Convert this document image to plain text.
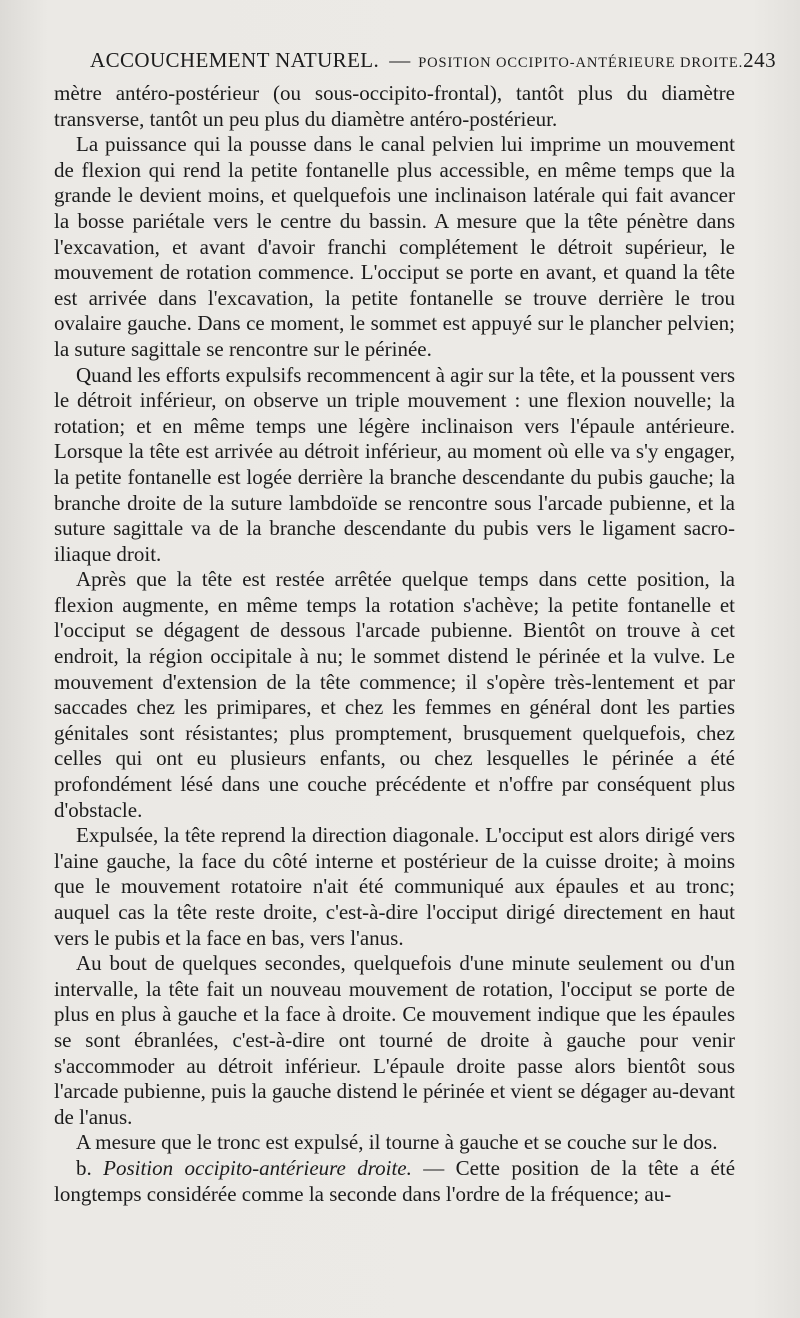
ACCOUCHEMENT NATUREL. — POSITION OCCIPITO-ANTÉRIEURE DROITE. 243

mètre antéro-postérieur (ou sous-occipito-frontal), tantôt plus du diamètre transverse, tantôt un peu plus du diamètre antéro-postérieur.

La puissance qui la pousse dans le canal pelvien lui imprime un mouvement de flexion qui rend la petite fontanelle plus accessible, en même temps que la grande le devient moins, et quelquefois une inclinaison latérale qui fait avancer la bosse pariétale vers le centre du bassin. A mesure que la tête pénètre dans l'excavation, et avant d'avoir franchi complétement le détroit supérieur, le mouvement de rotation commence. L'occiput se porte en avant, et quand la tête est arrivée dans l'excavation, la petite fontanelle se trouve derrière le trou ovalaire gauche. Dans ce moment, le sommet est appuyé sur le plancher pelvien; la suture sagittale se rencontre sur le périnée.

Quand les efforts expulsifs recommencent à agir sur la tête, et la poussent vers le détroit inférieur, on observe un triple mouvement : une flexion nouvelle; la rotation; et en même temps une légère inclinaison vers l'épaule antérieure. Lorsque la tête est arrivée au détroit inférieur, au moment où elle va s'y engager, la petite fontanelle est logée derrière la branche descendante du pubis gauche; la branche droite de la suture lambdoïde se rencontre sous l'arcade pubienne, et la suture sagittale va de la branche descendante du pubis vers le ligament sacro-iliaque droit.

Après que la tête est restée arrêtée quelque temps dans cette position, la flexion augmente, en même temps la rotation s'achève; la petite fontanelle et l'occiput se dégagent de dessous l'arcade pubienne. Bientôt on trouve à cet endroit, la région occipitale à nu; le sommet distend le périnée et la vulve. Le mouvement d'extension de la tête commence; il s'opère très-lentement et par saccades chez les primipares, et chez les femmes en général dont les parties génitales sont résistantes; plus promptement, brusquement quelquefois, chez celles qui ont eu plusieurs enfants, ou chez lesquelles le périnée a été profondément lésé dans une couche précédente et n'offre par conséquent plus d'obstacle.

Expulsée, la tête reprend la direction diagonale. L'occiput est alors dirigé vers l'aine gauche, la face du côté interne et postérieur de la cuisse droite; à moins que le mouvement rotatoire n'ait été communiqué aux épaules et au tronc; auquel cas la tête reste droite, c'est-à-dire l'occiput dirigé directement en haut vers le pubis et la face en bas, vers l'anus.

Au bout de quelques secondes, quelquefois d'une minute seulement ou d'un intervalle, la tête fait un nouveau mouvement de rotation, l'occiput se porte de plus en plus à gauche et la face à droite. Ce mouvement indique que les épaules se sont ébranlées, c'est-à-dire ont tourné de droite à gauche pour venir s'accommoder au détroit inférieur. L'épaule droite passe alors bientôt sous l'arcade pubienne, puis la gauche distend le périnée et vient se dégager au-devant de l'anus.

A mesure que le tronc est expulsé, il tourne à gauche et se couche sur le dos.

b. Position occipito-antérieure droite. — Cette position de la tête a été longtemps considérée comme la seconde dans l'ordre de la fréquence; au-
